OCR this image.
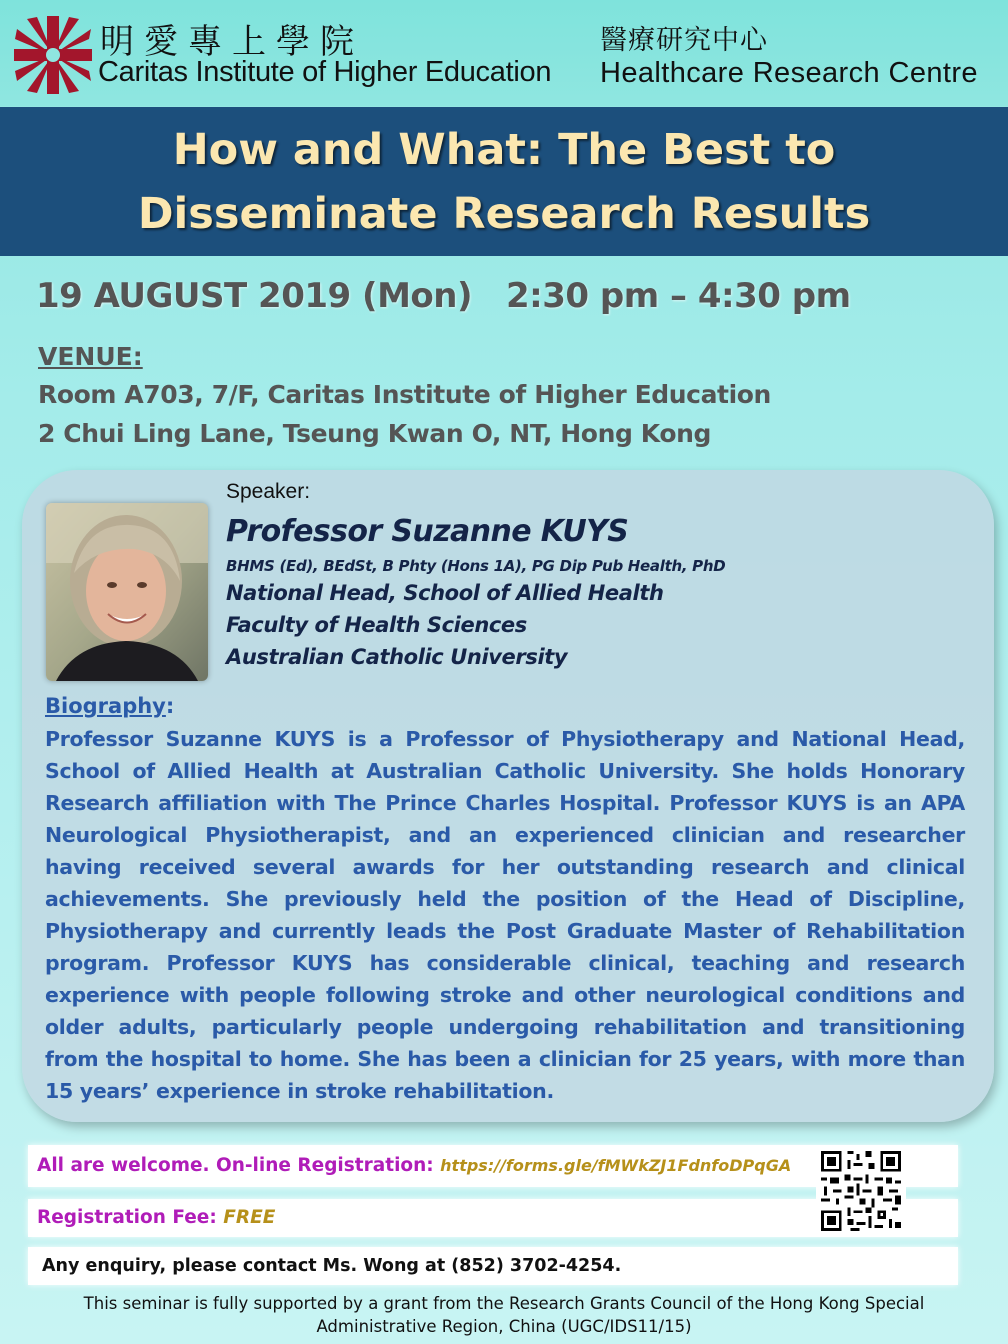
明愛專上學院
Caritas Institute of Higher Education
醫療研究中心
Healthcare Research Centre
How and What: The Best to
Disseminate Research Results
19 AUGUST 2019 (Mon)   2:30 pm – 4:30 pm
VENUE:
Room A703, 7/F, Caritas Institute of Higher Education
2 Chui Ling Lane, Tseung Kwan O, NT, Hong Kong
Speaker:
Professor Suzanne KUYS
BHMS (Ed), BEdSt, B Phty (Hons 1A), PG Dip Pub Health, PhD
National Head, School of Allied Health
Faculty of Health Sciences
Australian Catholic University
Biography:
Professor Suzanne KUYS is a Professor of Physiotherapy and National Head, School of Allied Health at Australian Catholic University. She holds Honorary Research affiliation with The Prince Charles Hospital. Professor KUYS is an APA Neurological Physiotherapist, and an experienced clinician and researcher having received several awards for her outstanding research and clinical achievements. She previously held the position of the Head of Discipline, Physiotherapy and currently leads the Post Graduate Master of Rehabilitation program. Professor KUYS has considerable clinical, teaching and research experience with people following stroke and other neurological conditions and older adults, particularly people undergoing rehabilitation and transitioning from the hospital to home. She has been a clinician for 25 years, with more than 15 years’ experience in stroke rehabilitation.
All are welcome. On-line Registration: https://forms.gle/fMWkZJ1FdnfoDPqGA
Registration Fee: FREE
Any enquiry, please contact Ms. Wong at (852) 3702-4254.
This seminar is fully supported by a grant from the Research Grants Council of the Hong Kong Special
Administrative Region, China (UGC/IDS11/15)
